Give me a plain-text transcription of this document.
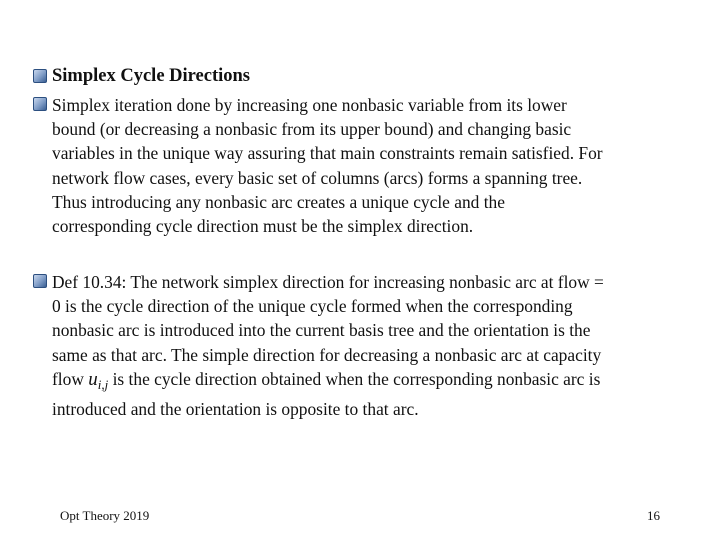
Simplex Cycle Directions
Simplex iteration done by increasing one nonbasic variable from its lower
bound (or decreasing a nonbasic from its upper bound) and changing basic
variables in the unique way assuring that main constraints remain satisfied. For
network flow cases, every basic set of columns (arcs) forms a spanning tree.
Thus introducing any nonbasic arc creates a unique cycle and the
corresponding cycle direction must be the simplex direction.
Def 10.34: The network simplex direction for increasing nonbasic arc at flow =
0 is the cycle direction of the unique cycle formed when the corresponding
nonbasic arc is introduced into the current basis tree and the orientation is the
same as that arc. The simple direction for decreasing a nonbasic arc at capacity
flow $u_{i,j}$ is the cycle direction obtained when the corresponding nonbasic arc is
introduced and the orientation is opposite to that arc.
Opt Theory 2019	16
